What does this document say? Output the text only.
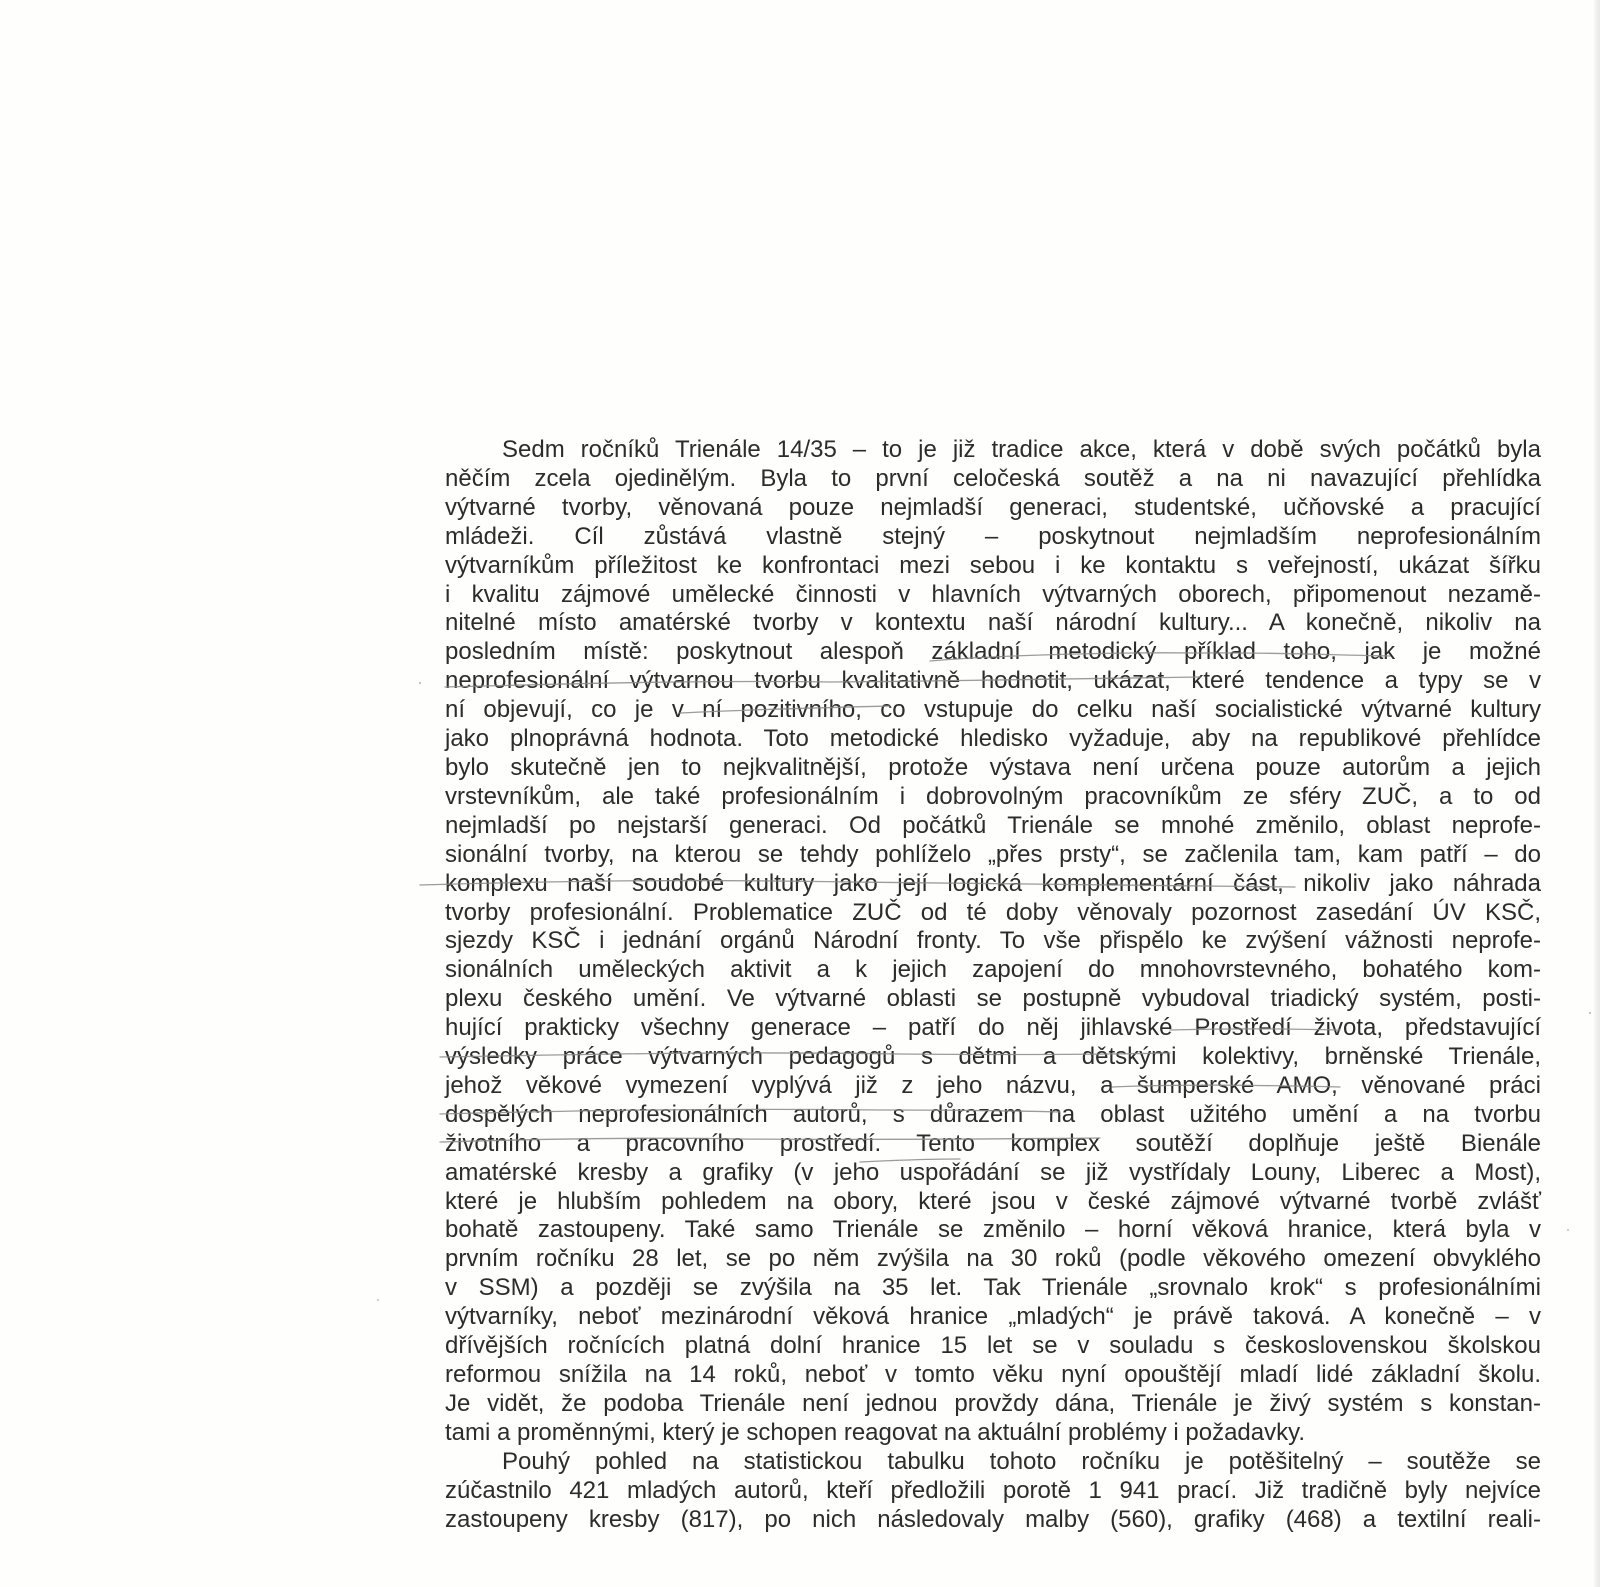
Sedm ročníků Trienále 14/35 – to je již tradice akce, která v době svých počátků byla
něčím zcela ojedinělým. Byla to první celočeská soutěž a na ni navazující přehlídka
výtvarné tvorby, věnovaná pouze nejmladší generaci, studentské, učňovské a pracující
mládeži. Cíl zůstává vlastně stejný – poskytnout nejmladším neprofesionálním
výtvarníkům příležitost ke konfrontaci mezi sebou i ke kontaktu s veřejností, ukázat šířku
i kvalitu zájmové umělecké činnosti v hlavních výtvarných oborech, připomenout nezamě-
nitelné místo amatérské tvorby v kontextu naší národní kultury... A konečně, nikoliv na
posledním místě: poskytnout alespoň základní metodický příklad toho, jak je možné
neprofesionální výtvarnou tvorbu kvalitativně hodnotit, ukázat, které tendence a typy se v
ní objevují, co je v ní pozitivního, co vstupuje do celku naší socialistické výtvarné kultury
jako plnoprávná hodnota. Toto metodické hledisko vyžaduje, aby na republikové přehlídce
bylo skutečně jen to nejkvalitnější, protože výstava není určena pouze autorům a jejich
vrstevníkům, ale také profesionálním i dobrovolným pracovníkům ze sféry ZUČ, a to od
nejmladší po nejstarší generaci. Od počátků Trienále se mnohé změnilo, oblast neprofe-
sionální tvorby, na kterou se tehdy pohlíželo „přes prsty“, se začlenila tam, kam patří – do
komplexu naší soudobé kultury jako její logická komplementární část, nikoliv jako náhrada
tvorby profesionální. Problematice ZUČ od té doby věnovaly pozornost zasedání ÚV KSČ,
sjezdy KSČ i jednání orgánů Národní fronty. To vše přispělo ke zvýšení vážnosti neprofe-
sionálních uměleckých aktivit a k jejich zapojení do mnohovrstevného, bohatého kom-
plexu českého umění. Ve výtvarné oblasti se postupně vybudoval triadický systém, posti-
hující prakticky všechny generace – patří do něj jihlavské Prostředí života, představující
výsledky práce výtvarných pedagogů s dětmi a dětskými kolektivy, brněnské Trienále,
jehož věkové vymezení vyplývá již z jeho názvu, a šumperské AMO, věnované práci
dospělých neprofesionálních autorů, s důrazem na oblast užitého umění a na tvorbu
životního a pracovního prostředí. Tento komplex soutěží doplňuje ještě Bienále
amatérské kresby a grafiky (v jeho uspořádání se již vystřídaly Louny, Liberec a Most),
které je hlubším pohledem na obory, které jsou v české zájmové výtvarné tvorbě zvlášť
bohatě zastoupeny. Také samo Trienále se změnilo – horní věková hranice, která byla v
prvním ročníku 28 let, se po něm zvýšila na 30 roků (podle věkového omezení obvyklého
v SSM) a později se zvýšila na 35 let. Tak Trienále „srovnalo krok“ s profesionálními
výtvarníky, neboť mezinárodní věková hranice „mladých“ je právě taková. A konečně – v
dřívějších ročnících platná dolní hranice 15 let se v souladu s československou školskou
reformou snížila na 14 roků, neboť v tomto věku nyní opouštějí mladí lidé základní školu.
Je vidět, že podoba Trienále není jednou provždy dána, Trienále je živý systém s konstan-
tami a proměnnými, který je schopen reagovat na aktuální problémy i požadavky.

Pouhý pohled na statistickou tabulku tohoto ročníku je potěšitelný – soutěže se
zúčastnilo 421 mladých autorů, kteří předložili porotě 1 941 prací. Již tradičně byly nejvíce
zastoupeny kresby (817), po nich následovaly malby (560), grafiky (468) a textilní reali-
